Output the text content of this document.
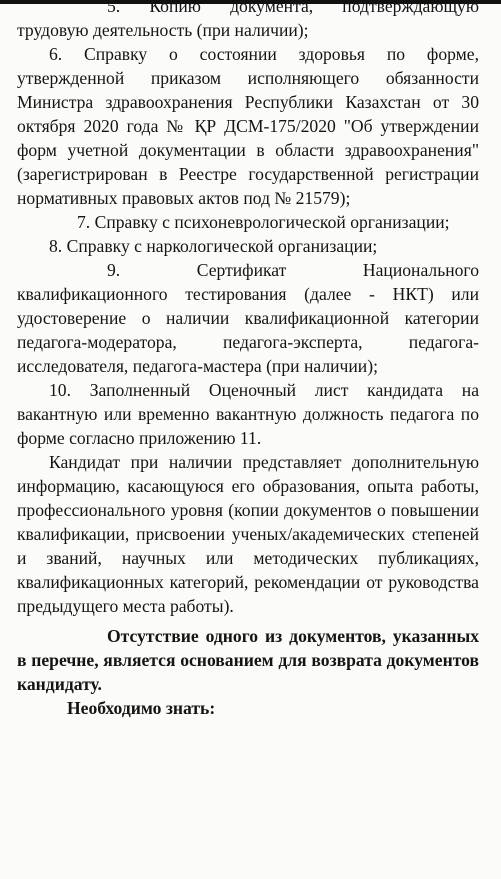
5. Копию документа, подтверждающую трудовую деятельность (при наличии);

6. Справку о состоянии здоровья по форме, утвержденной приказом исполняющего обязанности Министра здравоохранения Республики Казахстан от 30 октября 2020 года № ҚР ДСМ-175/2020 "Об утверждении форм учетной документации в области здравоохранения" (зарегистрирован в Реестре государственной регистрации нормативных правовых актов под № 21579);

7. Справку с психоневрологической организации;

8. Справку с наркологической организации;

9. Сертификат Национального квалификационного тестирования (далее - НКТ) или удостоверение о наличии квалификационной категории педагога-модератора, педагога-эксперта, педагога-исследователя, педагога-мастера (при наличии);

10. Заполненный Оценочный лист кандидата на вакантную или временно вакантную должность педагога по форме согласно приложению 11.

Кандидат при наличии представляет дополнительную информацию, касающуюся его образования, опыта работы, профессионального уровня (копии документов о повышении квалификации, присвоении ученых/академических степеней и званий, научных или методических публикациях, квалификационных категорий, рекомендации от руководства предыдущего места работы).

Отсутствие одного из документов, указанных в перечне, является основанием для возврата документов кандидату.

Необходимо знать:
